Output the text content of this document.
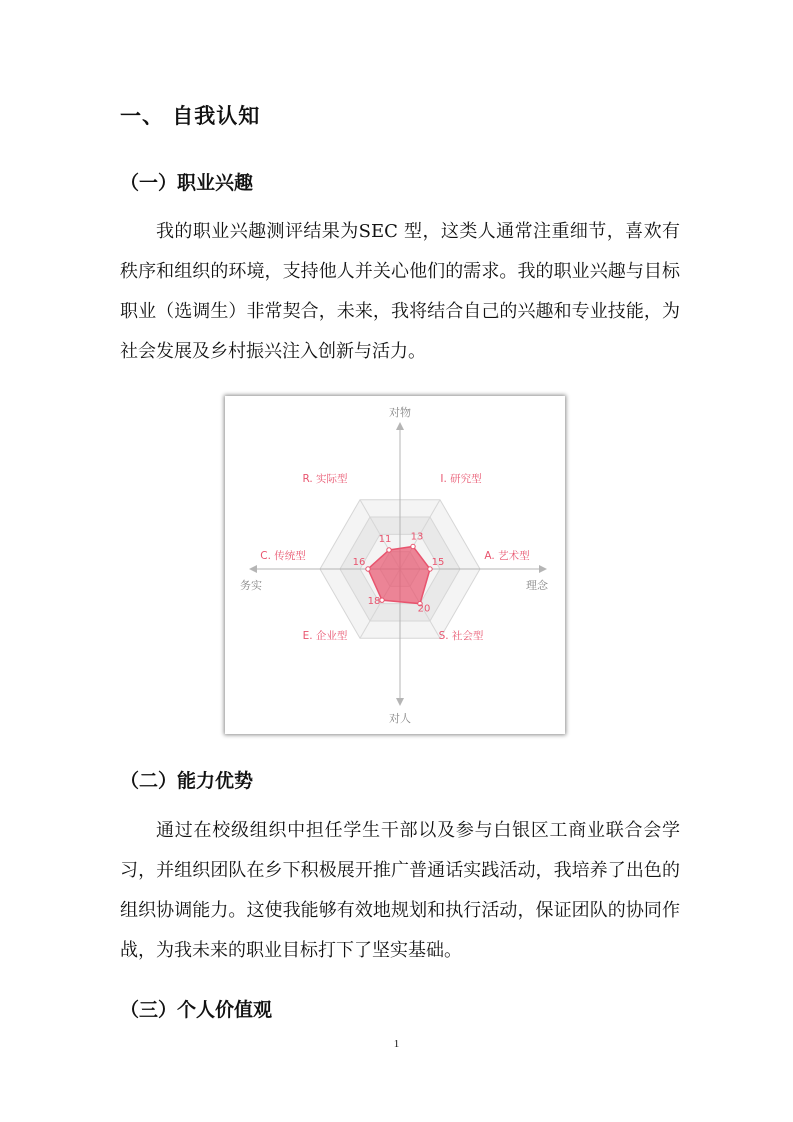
一、 自我认知
（一）职业兴趣

我的职业兴趣测评结果为SEC 型，这类人通常注重细节，喜欢有秩序和组织的环境，支持他人并关心他们的需求。我的职业兴趣与目标职业（选调生）非常契合，未来，我将结合自己的兴趣和专业技能，为社会发展及乡村振兴注入创新与活力。

对物
对人
务实	理念
R. 实际型	I. 研究型
A. 艺术型
S. 社会型
E. 企业型
C. 传统型
11 13
15
20
18
16
（二）能力优势

通过在校级组织中担任学生干部以及参与白银区工商业联合会学习，并组织团队在乡下积极展开推广普通话实践活动，我培养了出色的组织协调能力。这使我能够有效地规划和执行活动，保证团队的协同作战，为我未来的职业目标打下了坚实基础。

（三）个人价值观
1
